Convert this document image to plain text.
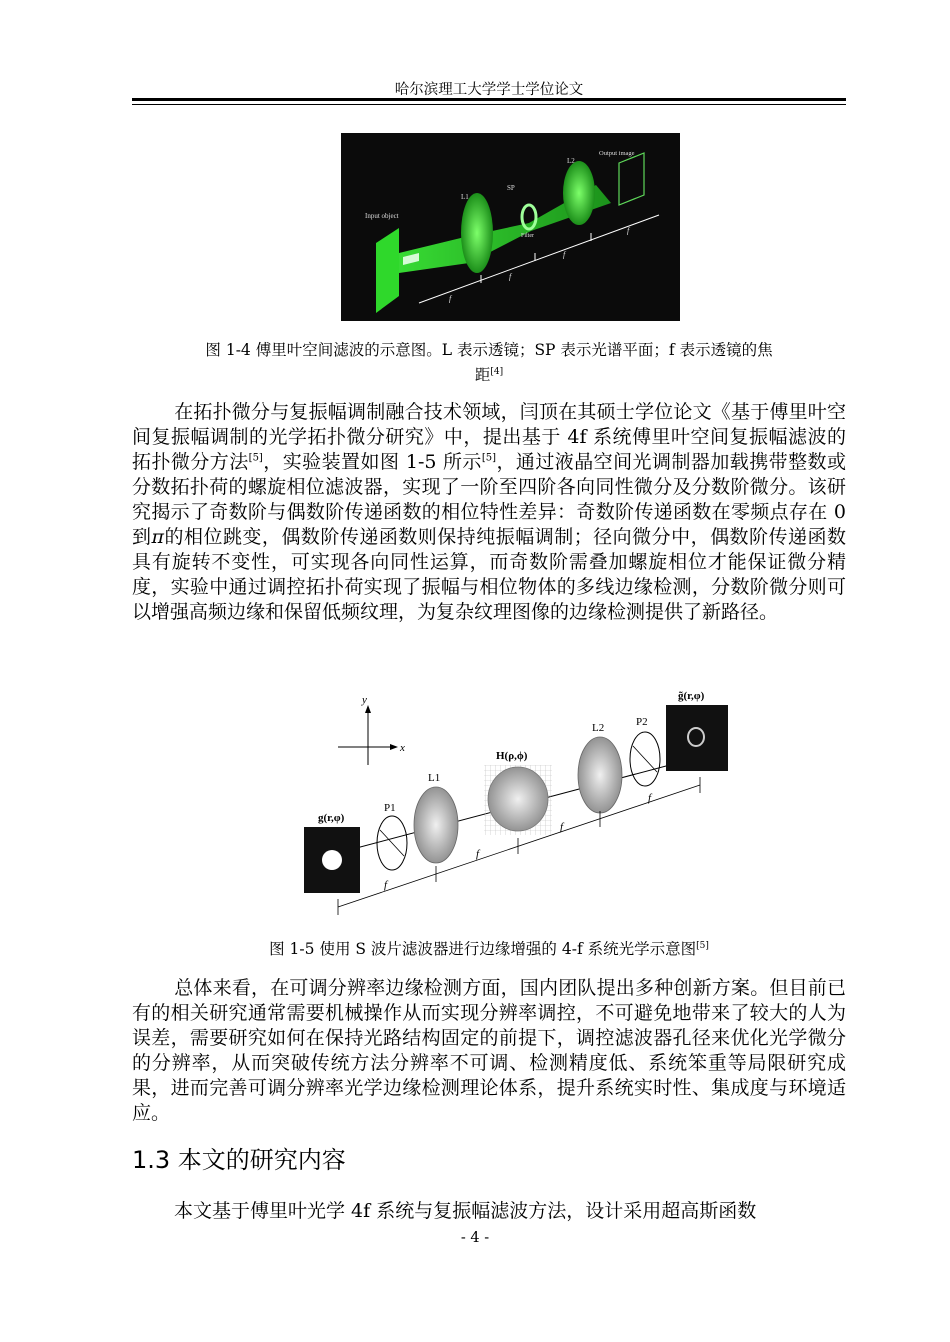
哈尔滨理工大学学士学位论文
Input object
L1
SP
Filter
L2
Output image
f
f
f
f
图 1-4 傅里叶空间滤波的示意图。L 表示透镜；SP 表示光谱平面；f 表示透镜的焦
距[4]

在拓扑微分与复振幅调制融合技术领域，闫顶在其硕士学位论文《基于傅里叶空间复振幅调制的光学拓扑微分研究》中，提出基于 4f 系统傅里叶空间复振幅滤波的拓扑微分方法[5]，实验装置如图 1-5 所示[5]，通过液晶空间光调制器加载携带整数或分数拓扑荷的螺旋相位滤波器，实现了一阶至四阶各向同性微分及分数阶微分。该研究揭示了奇数阶与偶数阶传递函数的相位特性差异：奇数阶传递函数在零频点存在 0 到π的相位跳变，偶数阶传递函数则保持纯振幅调制；径向微分中，偶数阶传递函数具有旋转不变性，可实现各向同性运算，而奇数阶需叠加螺旋相位才能保证微分精度，实验中通过调控拓扑荷实现了振幅与相位物体的多线边缘检测，分数阶微分则可以增强高频边缘和保留低频纹理，为复杂纹理图像的边缘检测提供了新路径。

y
x
g(r,φ)
P1
L1
H(ρ,ϕ)
L2	P2
g̃(r,φ)
f
f
f
f
图 1-5 使用 S 波片滤波器进行边缘增强的 4-f 系统光学示意图[5]

总体来看，在可调分辨率边缘检测方面，国内团队提出多种创新方案。但目前已有的相关研究通常需要机械操作从而实现分辨率调控，不可避免地带来了较大的人为误差，需要研究如何在保持光路结构固定的前提下，调控滤波器孔径来优化光学微分的分辨率，从而突破传统方法分辨率不可调、检测精度低、系统笨重等局限研究成果，进而完善可调分辨率光学边缘检测理论体系，提升系统实时性、集成度与环境适应。

1.3 本文的研究内容

本文基于傅里叶光学 4f 系统与复振幅滤波方法，设计采用超高斯函数

- 4 -
